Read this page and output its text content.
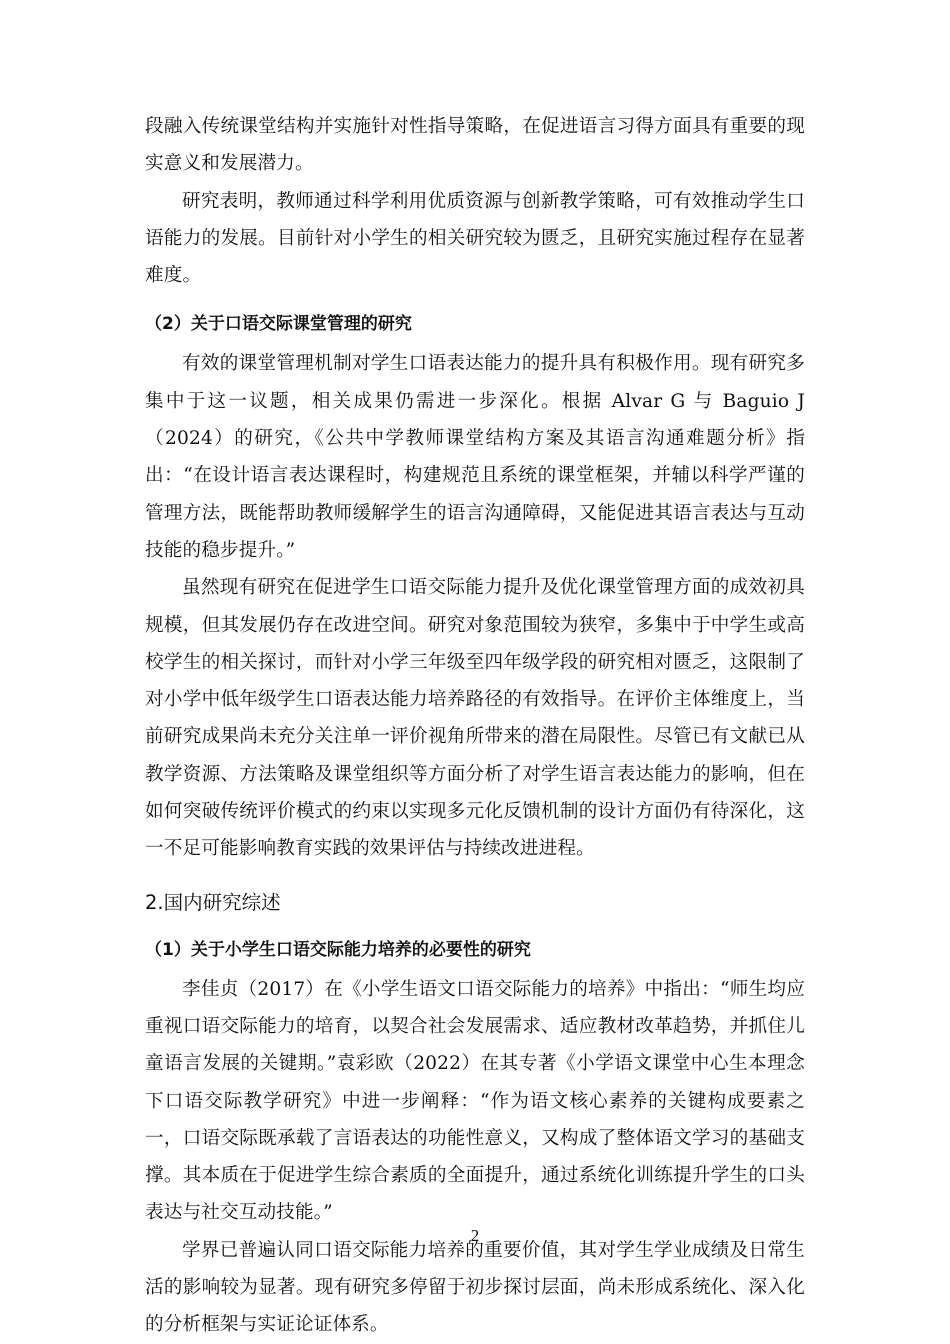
段融入传统课堂结构并实施针对性指导策略，在促进语言习得方面具有重要的现实意义和发展潜力。

研究表明，教师通过科学利用优质资源与创新教学策略，可有效推动学生口语能力的发展。目前针对小学生的相关研究较为匮乏，且研究实施过程存在显著难度。

（2）关于口语交际课堂管理的研究

有效的课堂管理机制对学生口语表达能力的提升具有积极作用。现有研究多集中于这一议题，相关成果仍需进一步深化。根据 Alvar G 与 Baguio J（2024）的研究，《公共中学教师课堂结构方案及其语言沟通难题分析》指出：“在设计语言表达课程时，构建规范且系统的课堂框架，并辅以科学严谨的管理方法，既能帮助教师缓解学生的语言沟通障碍，又能促进其语言表达与互动技能的稳步提升。”

虽然现有研究在促进学生口语交际能力提升及优化课堂管理方面的成效初具规模，但其发展仍存在改进空间。研究对象范围较为狭窄，多集中于中学生或高校学生的相关探讨，而针对小学三年级至四年级学段的研究相对匮乏，这限制了对小学中低年级学生口语表达能力培养路径的有效指导。在评价主体维度上，当前研究成果尚未充分关注单一评价视角所带来的潜在局限性。尽管已有文献已从教学资源、方法策略及课堂组织等方面分析了对学生语言表达能力的影响，但在如何突破传统评价模式的约束以实现多元化反馈机制的设计方面仍有待深化，这一不足可能影响教育实践的效果评估与持续改进进程。

2.国内研究综述
（1）关于小学生口语交际能力培养的必要性的研究

李佳贞（2017）在《小学生语文口语交际能力的培养》中指出：“师生均应重视口语交际能力的培育，以契合社会发展需求、适应教材改革趋势，并抓住儿童语言发展的关键期。”袁彩欧（2022）在其专著《小学语文课堂中心生本理念下口语交际教学研究》中进一步阐释：“作为语文核心素养的关键构成要素之一，口语交际既承载了言语表达的功能性意义，又构成了整体语文学习的基础支撑。其本质在于促进学生综合素质的全面提升，通过系统化训练提升学生的口头表达与社交互动技能。”

学界已普遍认同口语交际能力培养的重要价值，其对学生学业成绩及日常生活的影响较为显著。现有研究多停留于初步探讨层面，尚未形成系统化、深入化的分析框架与实证论证体系。

2
